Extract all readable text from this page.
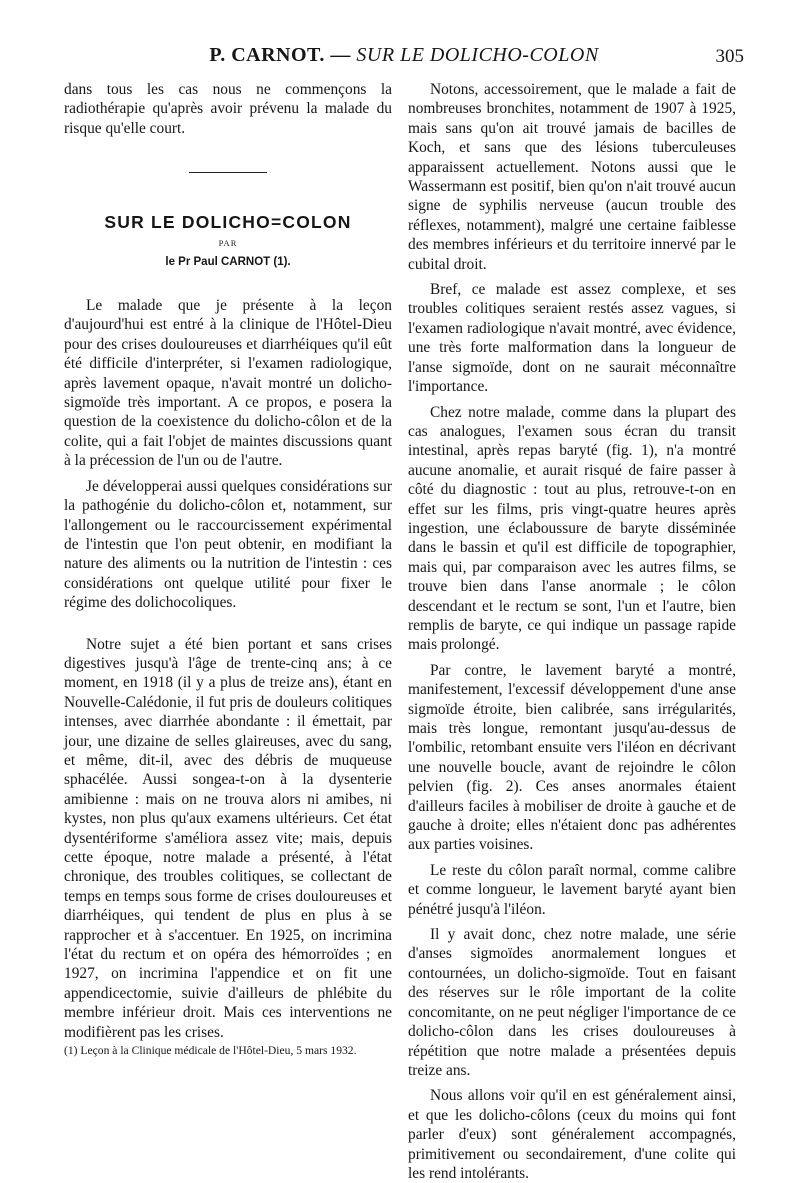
P. CARNOT. — SUR LE DOLICHO-COLON	305

dans tous les cas nous ne commençons la radiothérapie qu'après avoir prévenu la malade du risque qu'elle court.

SUR LE DOLICHO=COLON
PAR
le Pr Paul CARNOT (1).

Le malade que je présente à la leçon d'aujourd'hui est entré à la clinique de l'Hôtel-Dieu pour des crises douloureuses et diarrhéiques qu'il eût été difficile d'interpréter, si l'examen radiologique, après lavement opaque, n'avait montré un dolicho-sigmoïde très important. A ce propos, e posera la question de la coexistence du dolicho-côlon et de la colite, qui a fait l'objet de maintes discussions quant à la précession de l'un ou de l'autre.

Je développerai aussi quelques considérations sur la pathogénie du dolicho-côlon et, notamment, sur l'allongement ou le raccourcissement expérimental de l'intestin que l'on peut obtenir, en modifiant la nature des aliments ou la nutrition de l'intestin : ces considérations ont quelque utilité pour fixer le régime des dolichocoliques.

Notre sujet a été bien portant et sans crises digestives jusqu'à l'âge de trente-cinq ans; à ce moment, en 1918 (il y a plus de treize ans), étant en Nouvelle-Calédonie, il fut pris de douleurs colitiques intenses, avec diarrhée abondante : il émettait, par jour, une dizaine de selles glaireuses, avec du sang, et même, dit-il, avec des débris de muqueuse sphacélée. Aussi songea-t-on à la dysenterie amibienne : mais on ne trouva alors ni amibes, ni kystes, non plus qu'aux examens ultérieurs. Cet état dysentériforme s'améliora assez vite; mais, depuis cette époque, notre malade a présenté, à l'état chronique, des troubles colitiques, se collectant de temps en temps sous forme de crises douloureuses et diarrhéiques, qui tendent de plus en plus à se rapprocher et à s'accentuer. En 1925, on incrimina l'état du rectum et on opéra des hémorroïdes ; en 1927, on incrimina l'appendice et on fit une appendicectomie, suivie d'ailleurs de phlébite du membre inférieur droit. Mais ces interventions ne modifièrent pas les crises.

(1) Leçon à la Clinique médicale de l'Hôtel-Dieu, 5 mars 1932.

Notons, accessoirement, que le malade a fait de nombreuses bronchites, notamment de 1907 à 1925, mais sans qu'on ait trouvé jamais de bacilles de Koch, et sans que des lésions tuberculeuses apparaissent actuellement. Notons aussi que le Wassermann est positif, bien qu'on n'ait trouvé aucun signe de syphilis nerveuse (aucun trouble des réflexes, notamment), malgré une certaine faiblesse des membres inférieurs et du territoire innervé par le cubital droit.

Bref, ce malade est assez complexe, et ses troubles colitiques seraient restés assez vagues, si l'examen radiologique n'avait montré, avec évidence, une très forte malformation dans la longueur de l'anse sigmoïde, dont on ne saurait méconnaître l'importance.

Chez notre malade, comme dans la plupart des cas analogues, l'examen sous écran du transit intestinal, après repas baryté (fig. 1), n'a montré aucune anomalie, et aurait risqué de faire passer à côté du diagnostic : tout au plus, retrouve-t-on en effet sur les films, pris vingt-quatre heures après ingestion, une éclaboussure de baryte disséminée dans le bassin et qu'il est difficile de topographier, mais qui, par comparaison avec les autres films, se trouve bien dans l'anse anormale ; le côlon descendant et le rectum se sont, l'un et l'autre, bien remplis de baryte, ce qui indique un passage rapide mais prolongé.

Par contre, le lavement baryté a montré, manifestement, l'excessif développement d'une anse sigmoïde étroite, bien calibrée, sans irrégularités, mais très longue, remontant jusqu'au-dessus de l'ombilic, retombant ensuite vers l'iléon en décrivant une nouvelle boucle, avant de rejoindre le côlon pelvien (fig. 2). Ces anses anormales étaient d'ailleurs faciles à mobiliser de droite à gauche et de gauche à droite; elles n'étaient donc pas adhérentes aux parties voisines.

Le reste du côlon paraît normal, comme calibre et comme longueur, le lavement baryté ayant bien pénétré jusqu'à l'iléon.

Il y avait donc, chez notre malade, une série d'anses sigmoïdes anormalement longues et contournées, un dolicho-sigmoïde. Tout en faisant des réserves sur le rôle important de la colite concomitante, on ne peut négliger l'importance de ce dolicho-côlon dans les crises douloureuses à répétition que notre malade a présentées depuis treize ans.

Nous allons voir qu'il en est généralement ainsi, et que les dolicho-côlons (ceux du moins qui font parler d'eux) sont généralement accompagnés, primitivement ou secondairement, d'une colite qui les rend intolérants.
